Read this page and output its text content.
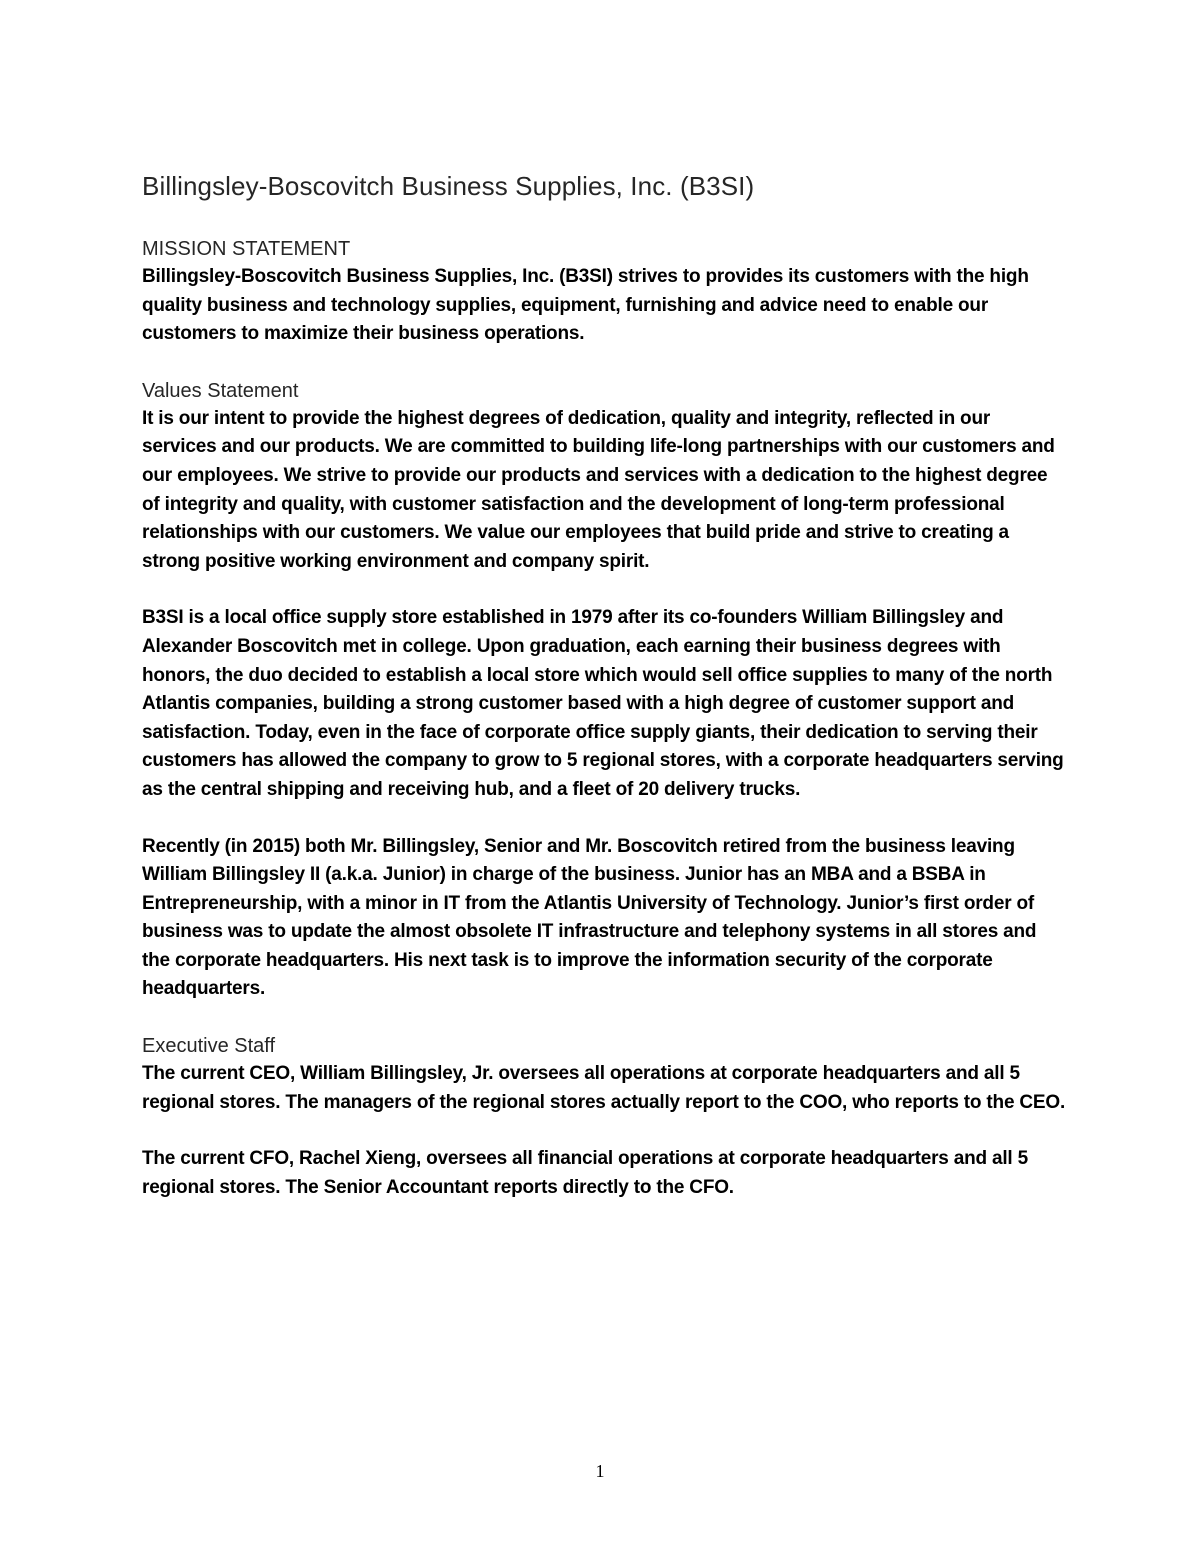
Billingsley-Boscovitch Business Supplies, Inc. (B3SI)
MISSION STATEMENT

Billingsley-Boscovitch Business Supplies, Inc. (B3SI) strives to provides its customers with the high quality business and technology supplies, equipment, furnishing and advice need to enable our customers to maximize their business operations.

Values Statement

It is our intent to provide the highest degrees of dedication, quality and integrity, reflected in our services and our products. We are committed to building life-long partnerships with our customers and our employees. We strive to provide our products and services with a dedication to the highest degree of integrity and quality, with customer satisfaction and the development of long-term professional relationships with our customers. We value our employees that build pride and strive to creating a strong positive working environment and company spirit.

B3SI is a local office supply store established in 1979 after its co-founders William Billingsley and Alexander Boscovitch met in college. Upon graduation, each earning their business degrees with honors, the duo decided to establish a local store which would sell office supplies to many of the north Atlantis companies, building a strong customer based with a high degree of customer support and satisfaction. Today, even in the face of corporate office supply giants, their dedication to serving their customers has allowed the company to grow to 5 regional stores, with a corporate headquarters serving as the central shipping and receiving hub, and a fleet of 20 delivery trucks.

Recently (in 2015) both Mr. Billingsley, Senior and Mr. Boscovitch retired from the business leaving William Billingsley II (a.k.a. Junior) in charge of the business. Junior has an MBA and a BSBA in Entrepreneurship, with a minor in IT from the Atlantis University of Technology. Junior’s first order of business was to update the almost obsolete IT infrastructure and telephony systems in all stores and the corporate headquarters. His next task is to improve the information security of the corporate headquarters.

Executive Staff

The current CEO, William Billingsley, Jr. oversees all operations at corporate headquarters and all 5 regional stores. The managers of the regional stores actually report to the COO, who reports to the CEO.

The current CFO, Rachel Xieng, oversees all financial operations at corporate headquarters and all 5 regional stores. The Senior Accountant reports directly to the CFO.

1
